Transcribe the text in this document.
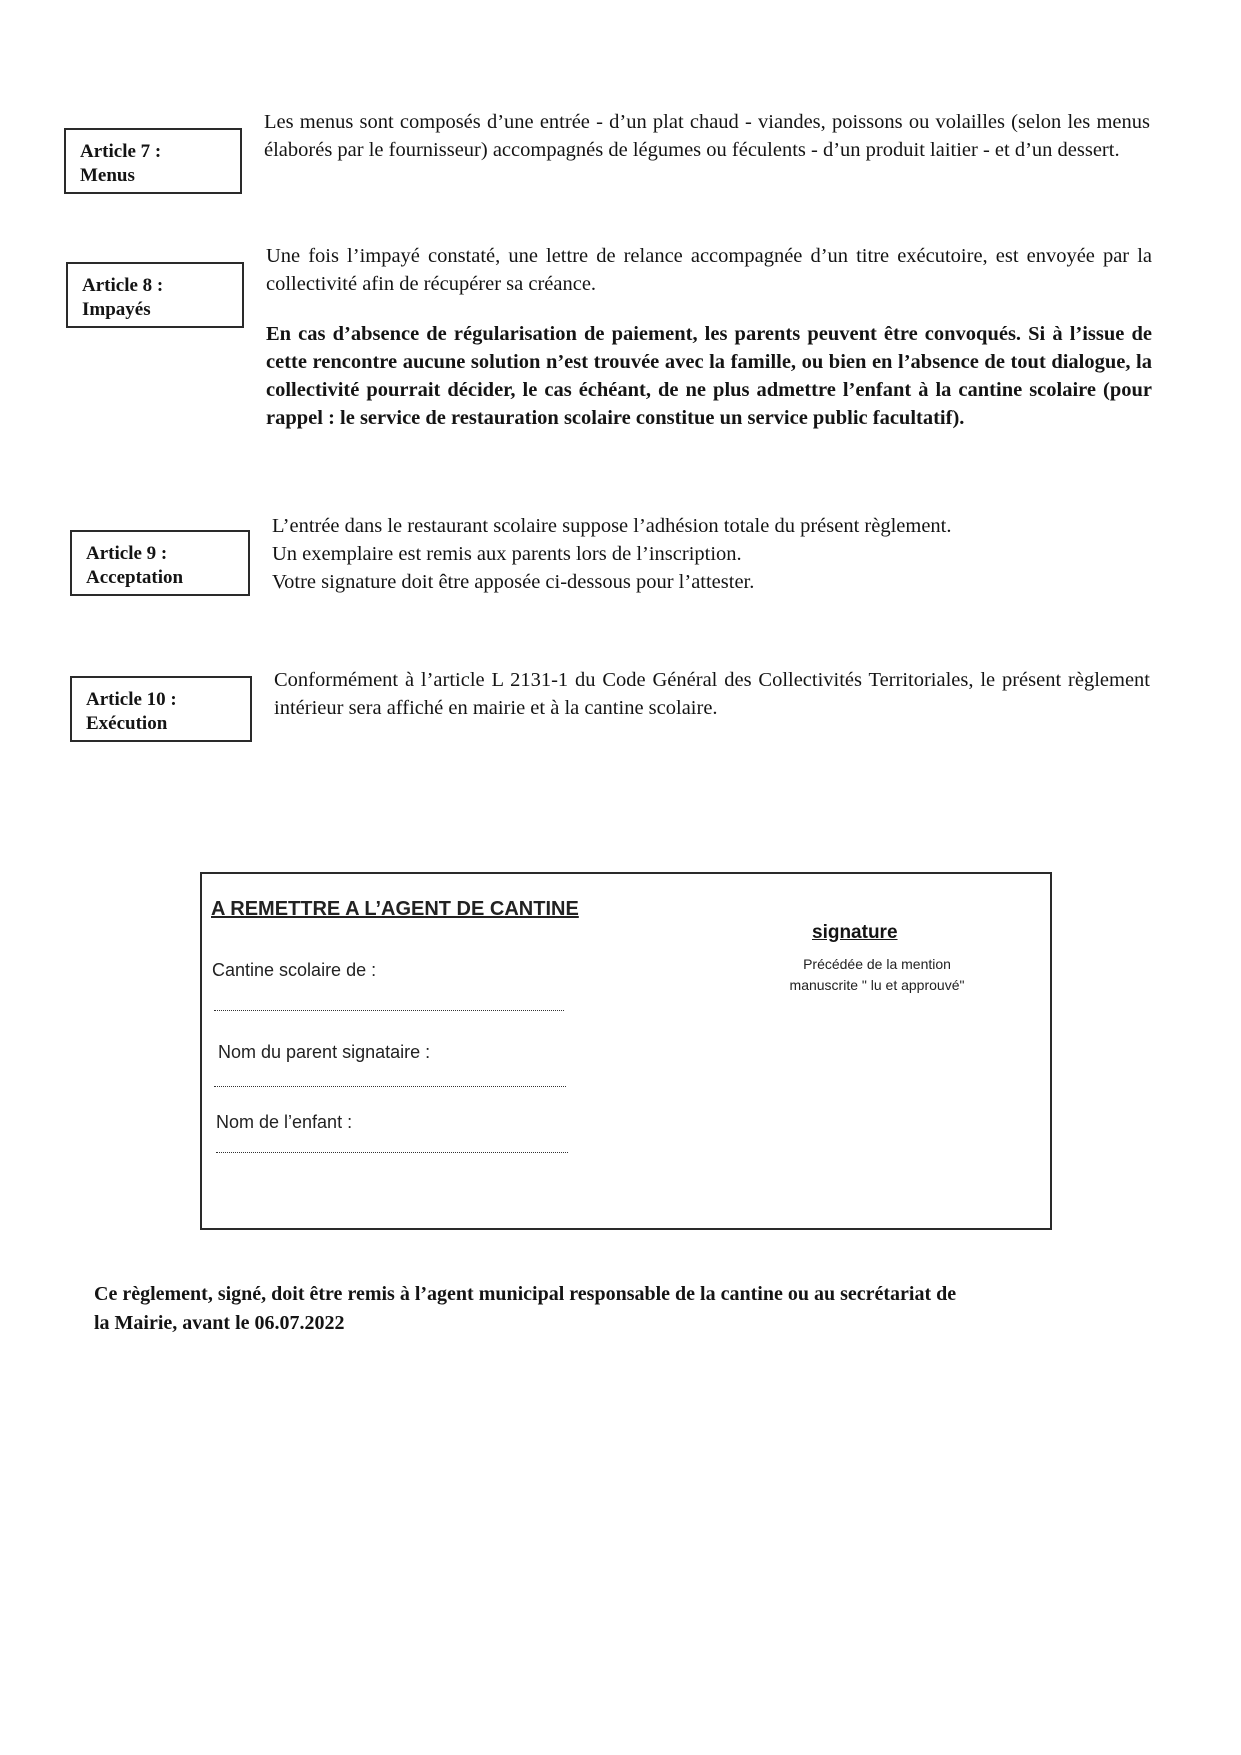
Article 7 :
Menus

Les menus sont composés d’une entrée - d’un plat chaud - viandes, poissons ou volailles (selon les menus élaborés par le fournisseur) accompagnés de légumes ou féculents - d’un produit laitier - et d’un dessert.

Article 8 :
Impayés

Une fois l’impayé constaté, une lettre de relance accompagnée d’un titre exécutoire, est envoyée par la collectivité afin de récupérer sa créance.

En cas d’absence de régularisation de paiement, les parents peuvent être convoqués. Si à l’issue de cette rencontre aucune solution n’est trouvée avec la famille, ou bien en l’absence de tout dialogue, la collectivité pourrait décider, le cas échéant, de ne plus admettre l’enfant à la cantine scolaire (pour rappel : le service de restauration scolaire constitue un service public facultatif).

Article 9 :
Acceptation
L’entrée dans le restaurant scolaire suppose l’adhésion totale du présent règlement.
Un exemplaire est remis aux parents lors de l’inscription.
Votre signature doit être apposée ci-dessous pour l’attester.
Article 10 :
Exécution

Conformément à l’article L 2131-1 du Code Général des Collectivités Territoriales, le présent règlement intérieur sera affiché en mairie et à la cantine scolaire.

A REMETTRE A L’AGENT DE CANTINE
signature
Précédée de la mention
manuscrite " lu et approuvé"
Cantine scolaire de :
Nom du parent signataire :
Nom de l’enfant :
Ce règlement, signé, doit être remis à l’agent municipal responsable de la cantine ou au secrétariat de
la Mairie, avant le 06.07.2022
